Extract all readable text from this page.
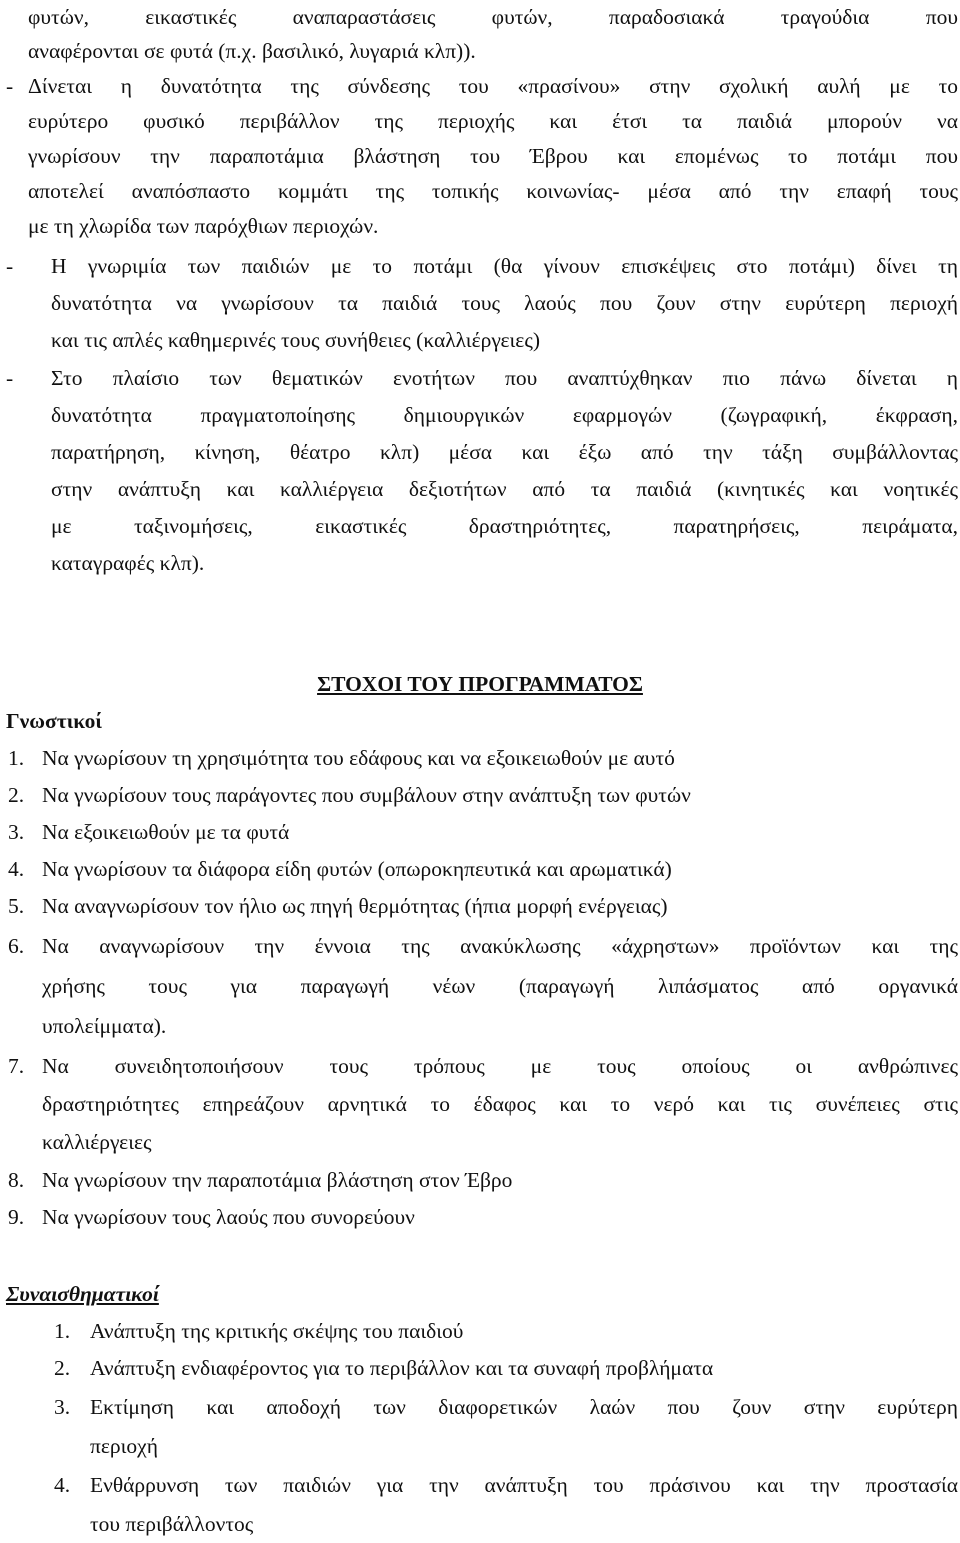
φυτών, εικαστικές αναπαραστάσεις φυτών, παραδοσιακά τραγούδια που
αναφέρονται σε φυτά (π.χ. βασιλικό, λυγαριά κλπ)).
- Δίνεται η δυνατότητα της σύνδεσης του «πρασίνου» στην σχολική αυλή με το
ευρύτερο φυσικό περιβάλλον της περιοχής και έτσι τα παιδιά μπορούν να
γνωρίσουν την παραποτάμια βλάστηση του Έβρου και επομένως το ποτάμι που
αποτελεί αναπόσπαστο κομμάτι της τοπικής κοινωνίας- μέσα από την επαφή τους
με τη χλωρίδα των παρόχθιων περιοχών.
-	Η γνωριμία των παιδιών με το ποτάμι (θα γίνουν επισκέψεις στο ποτάμι) δίνει τη
δυνατότητα να γνωρίσουν τα παιδιά τους λαούς που ζουν στην ευρύτερη περιοχή
και τις απλές καθημερινές τους συνήθειες (καλλιέργειες)
-	Στο πλαίσιο των θεματικών ενοτήτων που αναπτύχθηκαν πιο πάνω δίνεται η
δυνατότητα πραγματοποίησης δημιουργικών εφαρμογών (ζωγραφική, έκφραση,
παρατήρηση, κίνηση, θέατρο κλπ) μέσα και έξω από την τάξη συμβάλλοντας
στην ανάπτυξη και καλλιέργεια δεξιοτήτων από τα παιδιά (κινητικές και νοητικές
με ταξινομήσεις, εικαστικές δραστηριότητες, παρατηρήσεις, πειράματα,
καταγραφές κλπ).
ΣΤΟΧΟΙ ΤΟΥ ΠΡΟΓΡΑΜΜΑΤΟΣ
Γνωστικοί
1. Να γνωρίσουν τη χρησιμότητα του εδάφους και να εξοικειωθούν με αυτό
2. Να γνωρίσουν τους παράγοντες που συμβάλουν στην ανάπτυξη των φυτών
3. Να εξοικειωθούν με τα φυτά
4. Να γνωρίσουν τα διάφορα είδη φυτών (οπωροκηπευτικά και αρωματικά)
5. Να αναγνωρίσουν τον ήλιο ως πηγή θερμότητας (ήπια μορφή ενέργειας)
6. Να αναγνωρίσουν την έννοια της ανακύκλωσης «άχρηστων» προϊόντων και της
χρήσης τους για παραγωγή νέων (παραγωγή λιπάσματος από οργανικά
υπολείμματα).
7. Να συνειδητοποιήσουν τους τρόπους με τους οποίους οι ανθρώπινες
δραστηριότητες επηρεάζουν αρνητικά το έδαφος και το νερό και τις συνέπειες στις
καλλιέργειες
8. Να γνωρίσουν την παραποτάμια βλάστηση στον Έβρο
9. Να γνωρίσουν τους λαούς που συνορεύουν
Συναισθηματικοί
1. Ανάπτυξη της κριτικής σκέψης του παιδιού
2. Ανάπτυξη ενδιαφέροντος για το περιβάλλον και τα συναφή προβλήματα
3. Εκτίμηση και αποδοχή των διαφορετικών λαών που ζουν στην ευρύτερη
περιοχή
4. Ενθάρρυνση των παιδιών για την ανάπτυξη του πράσινου και την προστασία
του περιβάλλοντος
